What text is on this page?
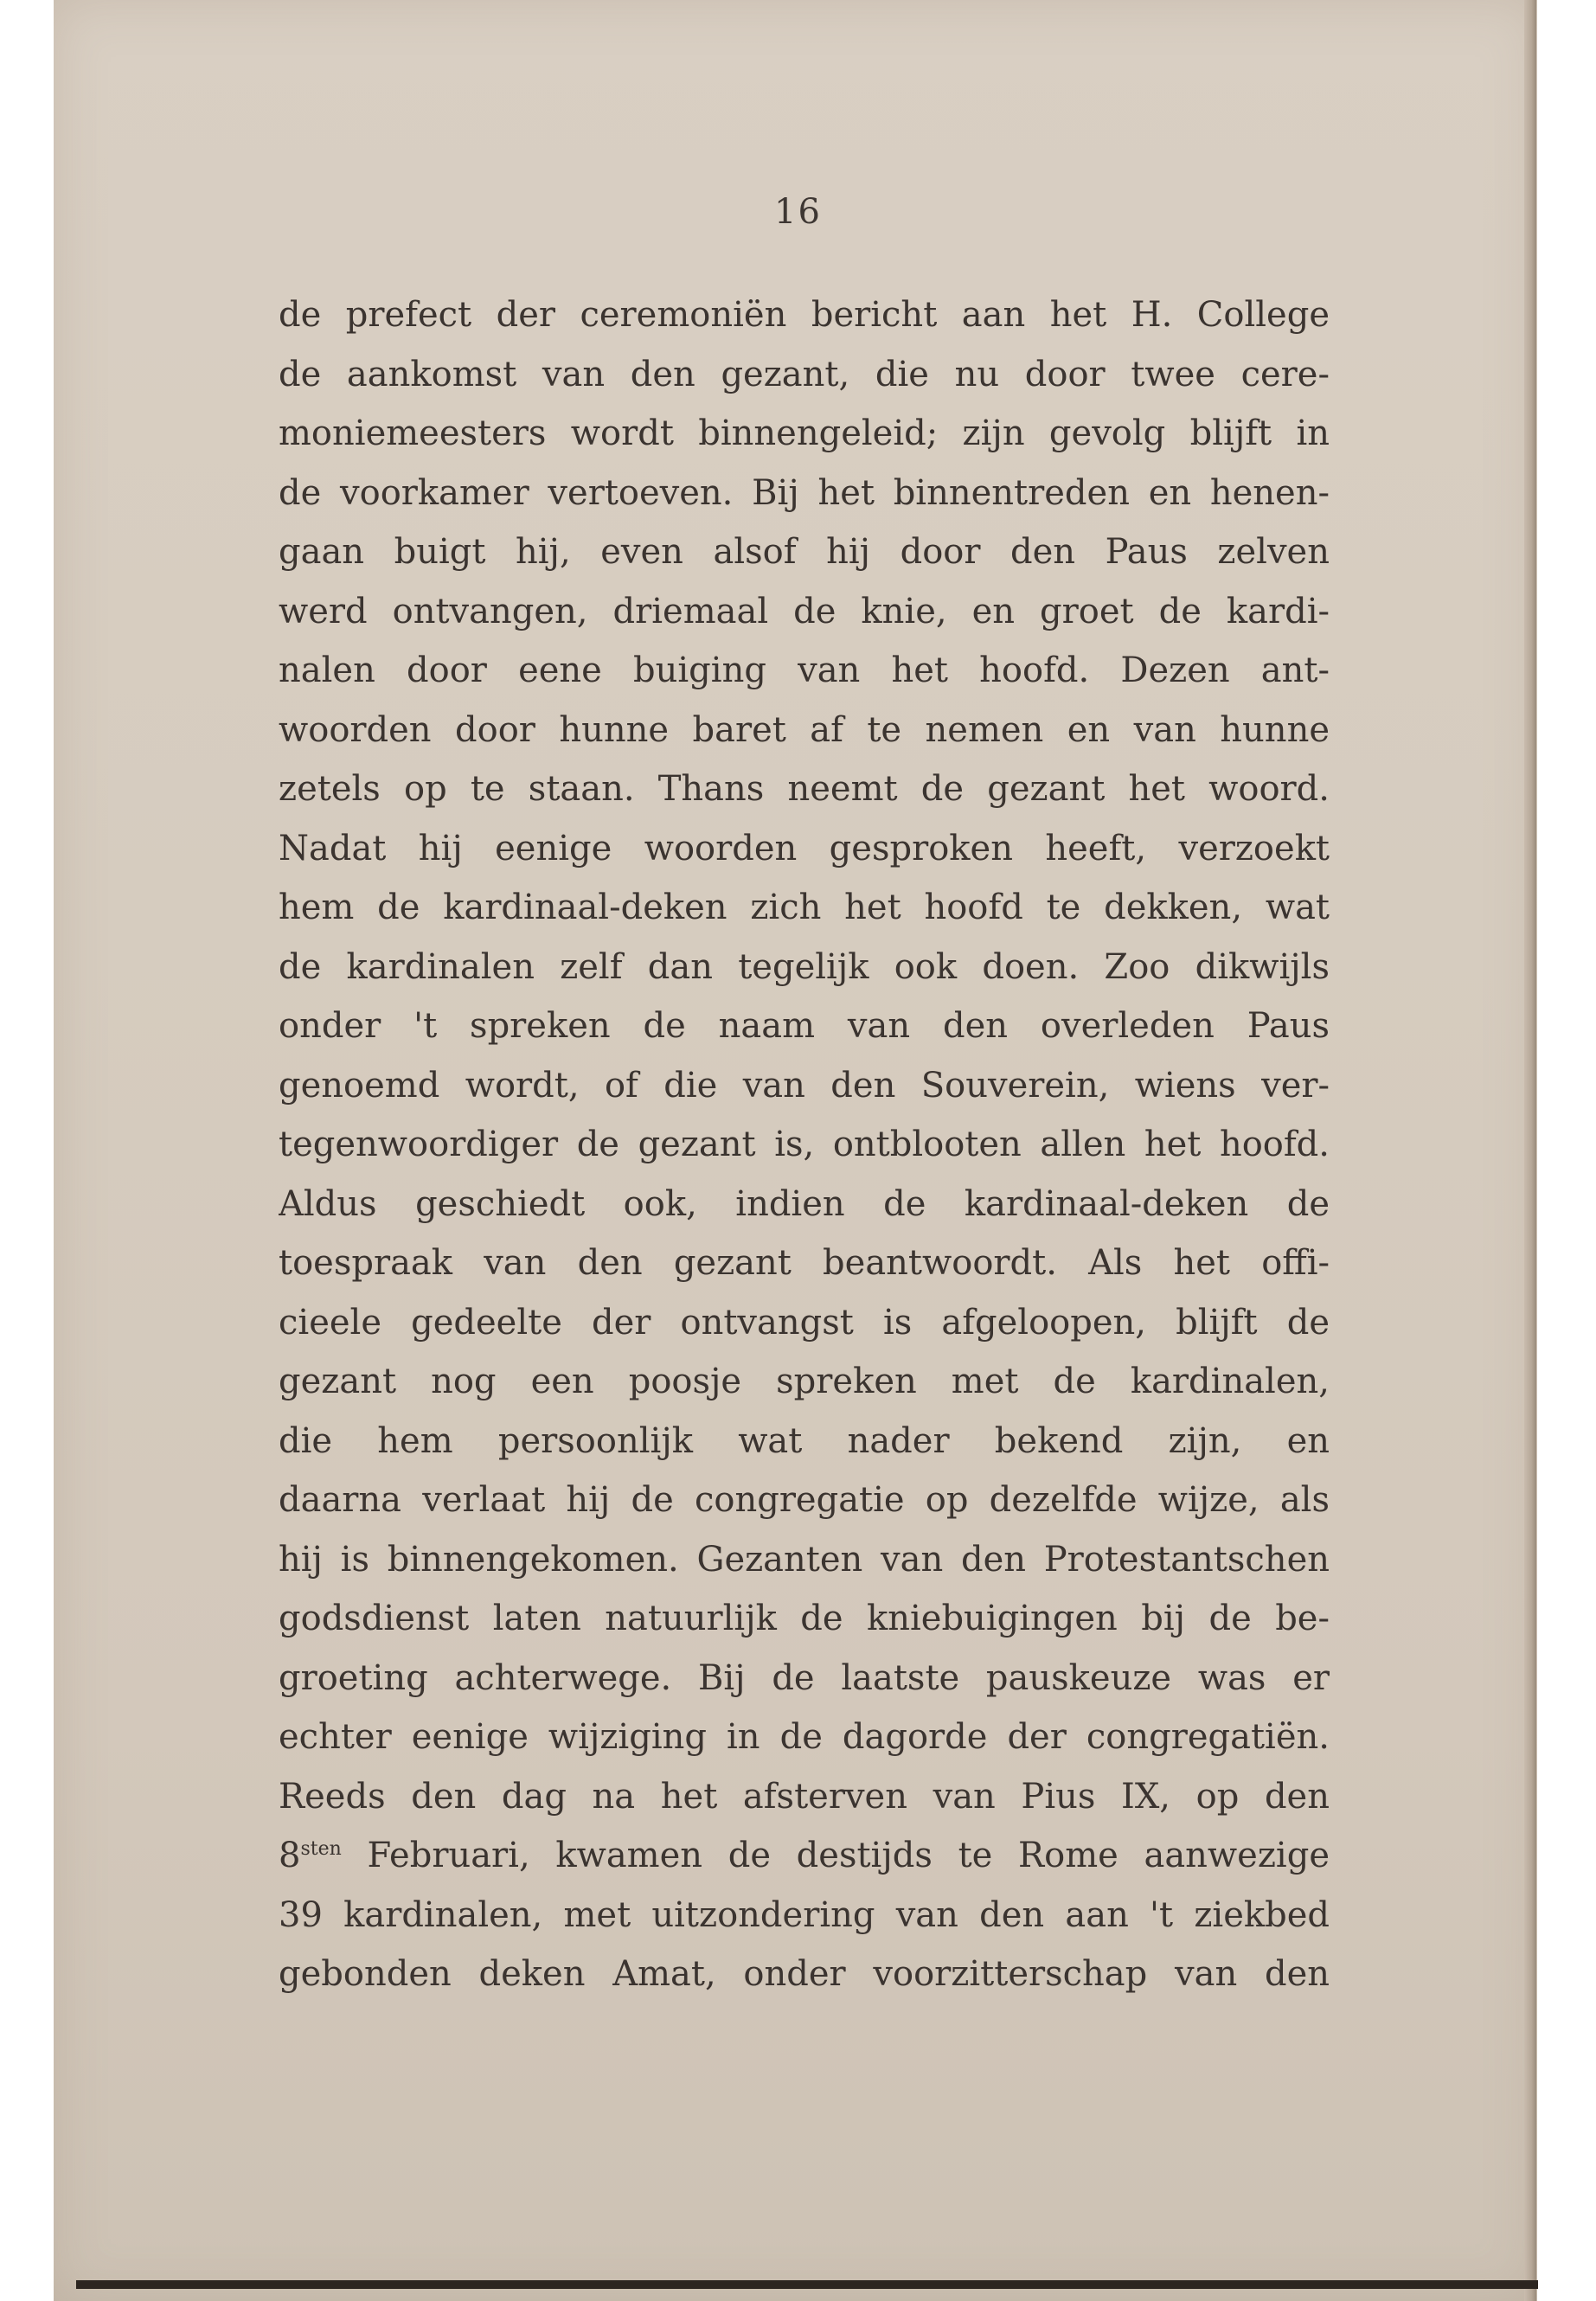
16
de prefect der ceremoniën bericht aan het H. College
de aankomst van den gezant, die nu door twee cere-
moniemeesters wordt binnengeleid; zijn gevolg blijft in
de voorkamer vertoeven. Bij het binnentreden en henen-
gaan buigt hij, even alsof hij door den Paus zelven
werd ontvangen, driemaal de knie, en groet de kardi-
nalen door eene buiging van het hoofd. Dezen ant-
woorden door hunne baret af te nemen en van hunne
zetels op te staan. Thans neemt de gezant het woord.
Nadat hij eenige woorden gesproken heeft, verzoekt
hem de kardinaal-deken zich het hoofd te dekken, wat
de kardinalen zelf dan tegelijk ook doen. Zoo dikwijls
onder 't spreken de naam van den overleden Paus
genoemd wordt, of die van den Souverein, wiens ver-
tegenwoordiger de gezant is, ontblooten allen het hoofd.
Aldus geschiedt ook, indien de kardinaal-deken de
toespraak van den gezant beantwoordt. Als het offi-
cieele gedeelte der ontvangst is afgeloopen, blijft de
gezant nog een poosje spreken met de kardinalen,
die hem persoonlijk wat nader bekend zijn, en
daarna verlaat hij de congregatie op dezelfde wijze, als
hij is binnengekomen. Gezanten van den Protestantschen
godsdienst laten natuurlijk de kniebuigingen bij de be-
groeting achterwege. Bij de laatste pauskeuze was er
echter eenige wijziging in de dagorde der congregatiën.
Reeds den dag na het afsterven van Pius IX, op den
$8^{sten}$ Februari, kwamen de destijds te Rome aanwezige
39 kardinalen, met uitzondering van den aan 't ziekbed
gebonden deken Amat, onder voorzitterschap van den
